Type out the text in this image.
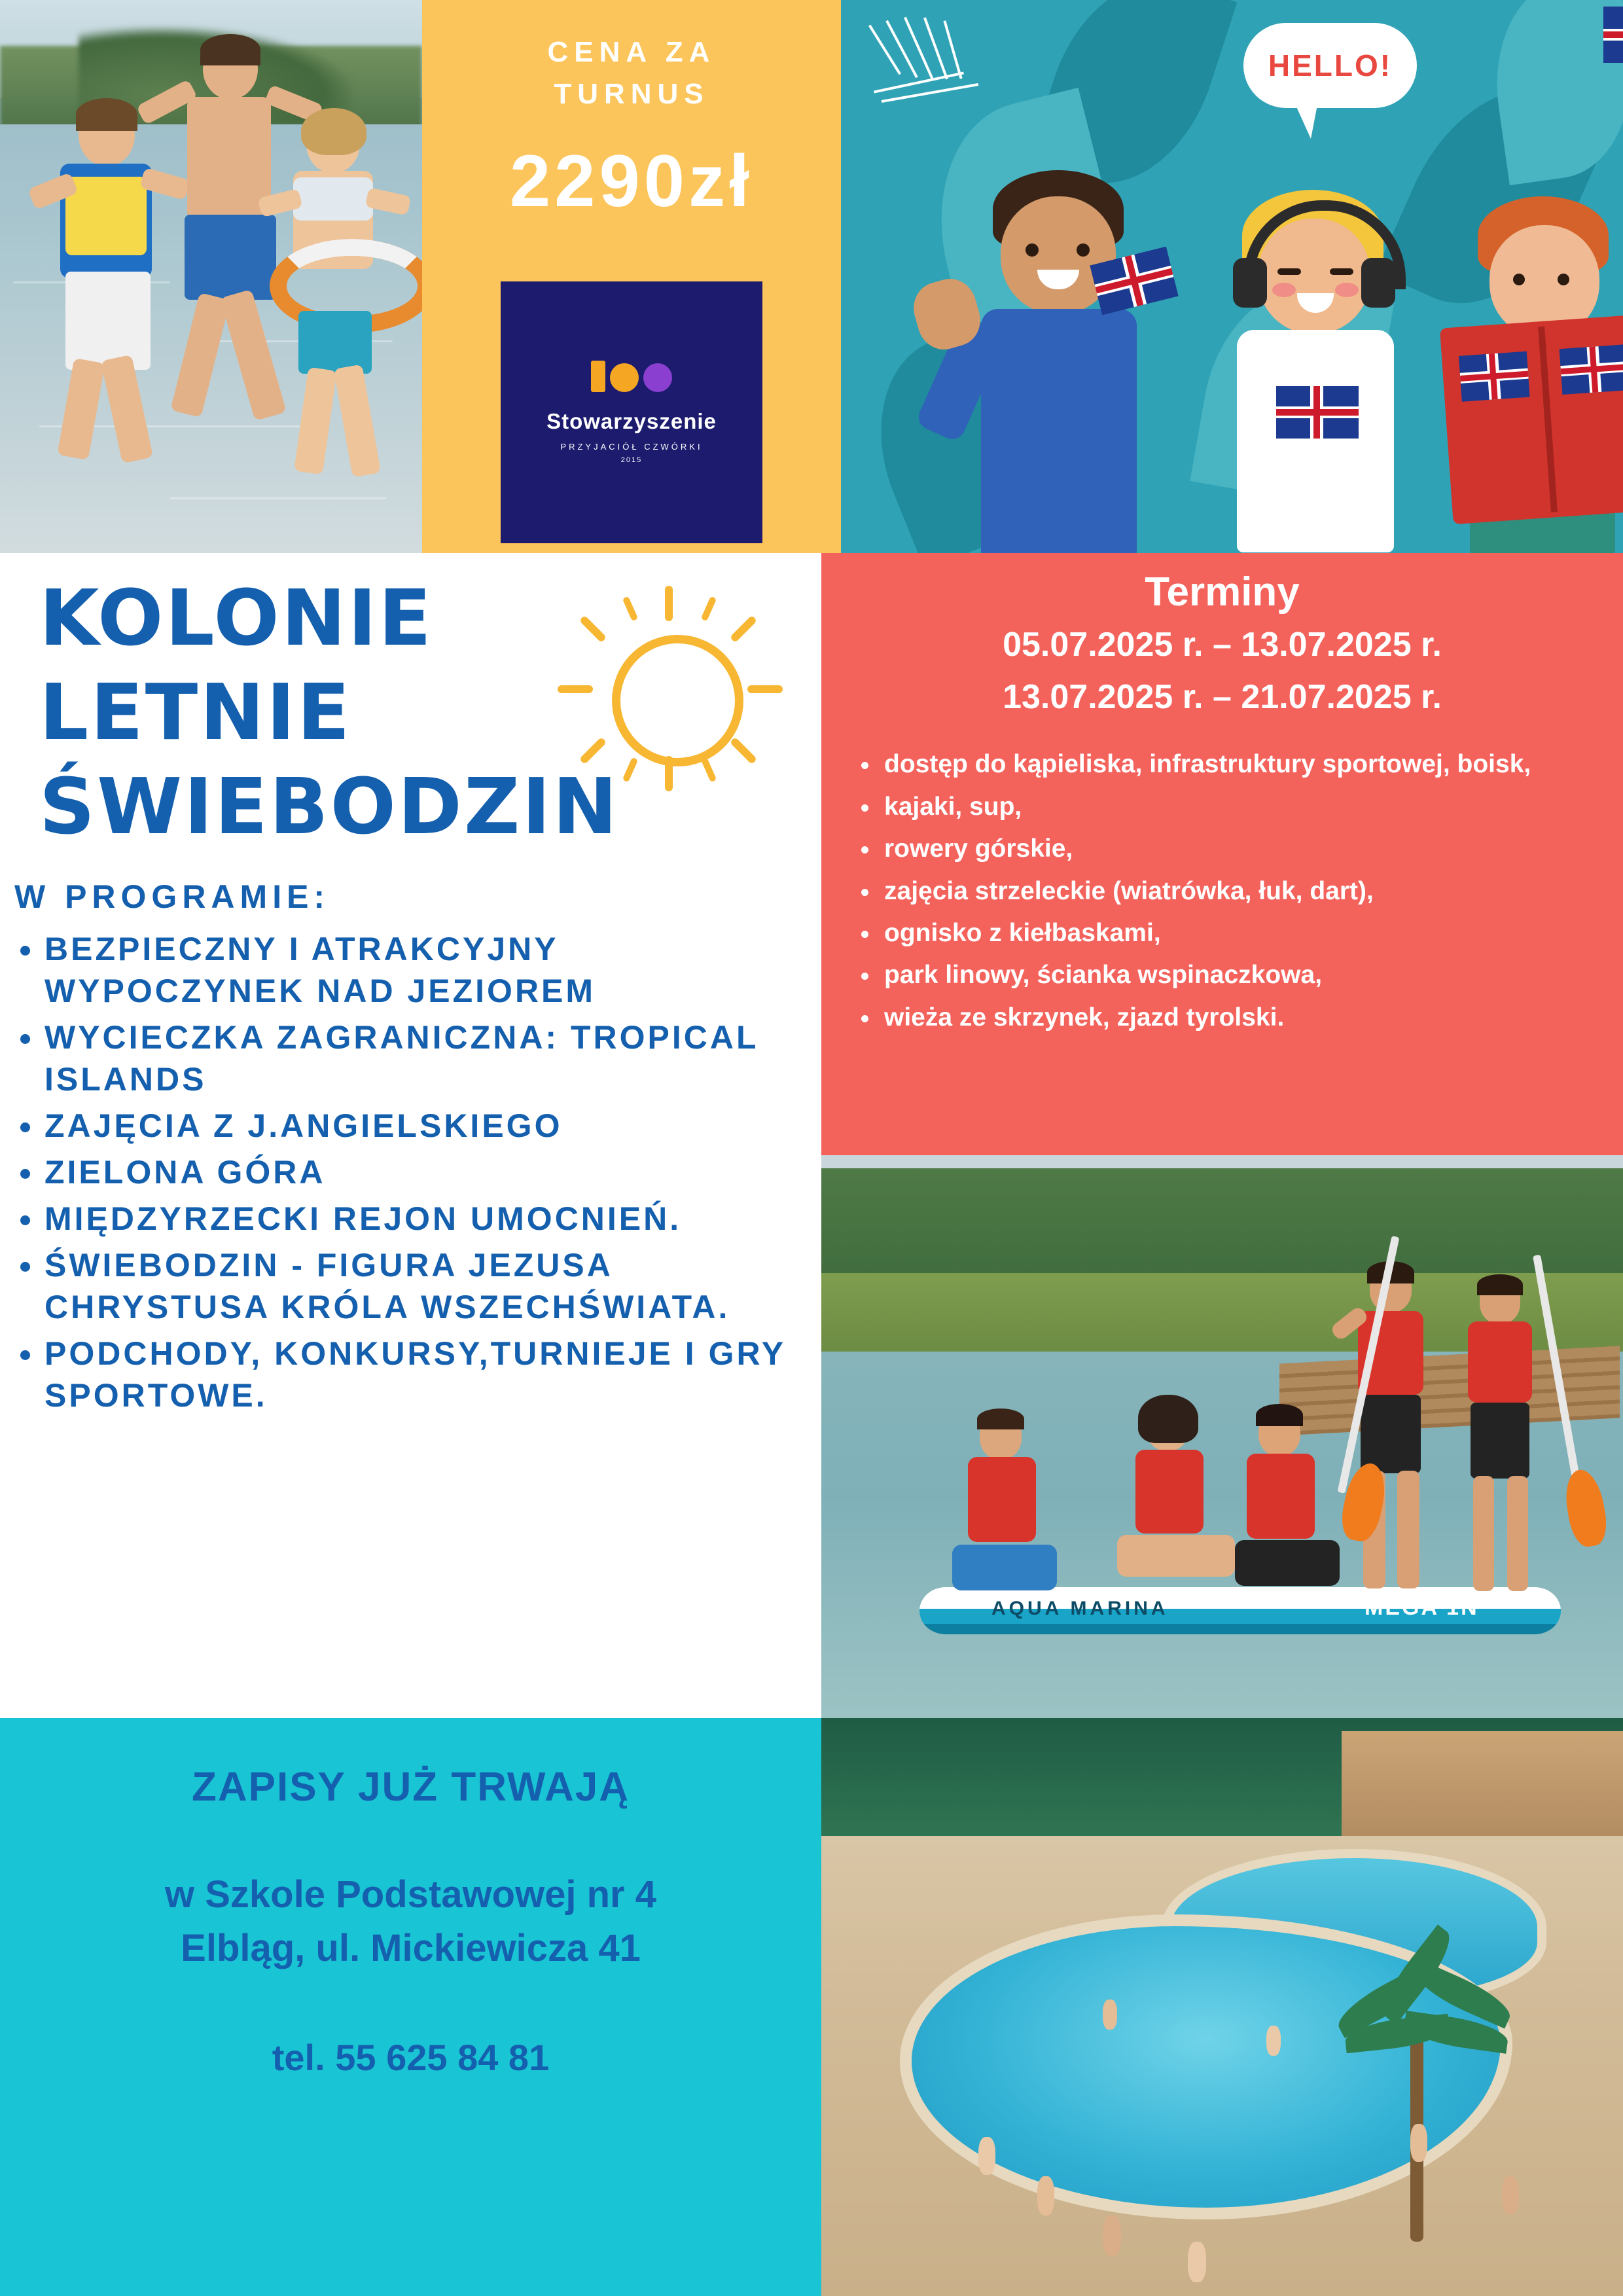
CENA ZA
TURNUS
2290zł
Stowarzyszenie
PRZYJACIÓŁ CZWÓRKI
2015
HELLO!
KOLONIE
LETNIE
ŚWIEBODZIN
W PROGRAMIE:
• BEZPIECZNY I ATRAKCYJNY WYPOCZYNEK NAD JEZIOREM
• WYCIECZKA ZAGRANICZNA: TROPICAL ISLANDS
• ZAJĘCIA Z J.ANGIELSKIEGO
• ZIELONA GÓRA
• MIĘDZYRZECKI REJON UMOCNIEŃ.
• ŚWIEBODZIN - FIGURA JEZUSA CHRYSTUSA KRÓLA WSZECHŚWIATA.
• PODCHODY, KONKURSY,TURNIEJE I GRY SPORTOWE.
Terminy
05.07.2025 r. – 13.07.2025 r.
13.07.2025 r. – 21.07.2025 r.
• dostęp do kąpieliska, infrastruktury sportowej, boisk,
• kajaki, sup,
• rowery górskie,
• zajęcia strzeleckie (wiatrówka, łuk, dart),
• ognisko z kiełbaskami,
• park linowy, ścianka wspinaczkowa,
• wieża ze skrzynek, zjazd tyrolski.
AQUA MARINA	MEGA 1N
ZAPISY JUŻ TRWAJĄ
w Szkole Podstawowej nr 4
Elbląg, ul. Mickiewicza 41
tel. 55 625 84 81
